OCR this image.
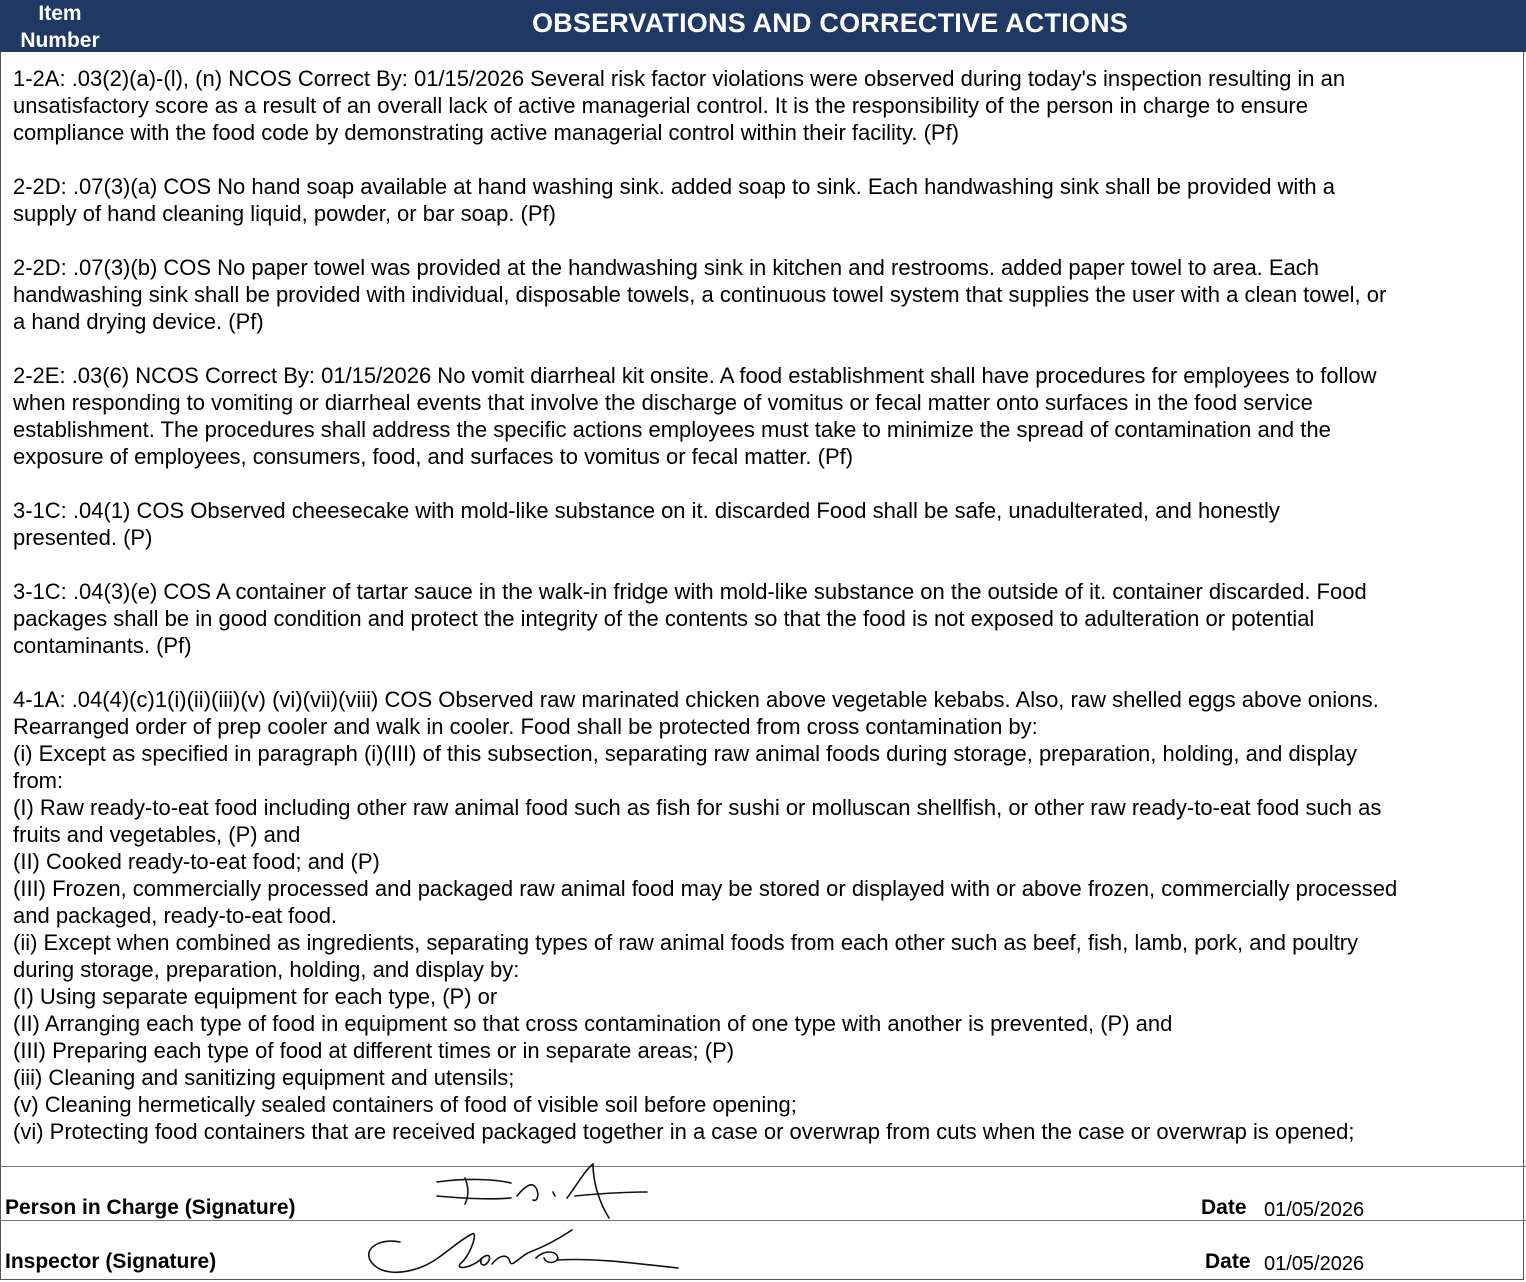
Item
Number
OBSERVATIONS AND CORRECTIVE ACTIONS
1-2A: .03(2)(a)-(l), (n) NCOS Correct By: 01/15/2026 Several risk factor violations were observed during today's inspection resulting in an
unsatisfactory score as a result of an overall lack of active managerial control. It is the responsibility of the person in charge to ensure
compliance with the food code by demonstrating active managerial control within their facility. (Pf)
2-2D: .07(3)(a) COS No hand soap available at hand washing sink. added soap to sink. Each handwashing sink shall be provided with a
supply of hand cleaning liquid, powder, or bar soap. (Pf)
2-2D: .07(3)(b) COS No paper towel was provided at the handwashing sink in kitchen and restrooms. added paper towel to area. Each
handwashing sink shall be provided with individual, disposable towels, a continuous towel system that supplies the user with a clean towel, or
a hand drying device. (Pf)
2-2E: .03(6) NCOS Correct By: 01/15/2026 No vomit diarrheal kit onsite. A food establishment shall have procedures for employees to follow
when responding to vomiting or diarrheal events that involve the discharge of vomitus or fecal matter onto surfaces in the food service
establishment. The procedures shall address the specific actions employees must take to minimize the spread of contamination and the
exposure of employees, consumers, food, and surfaces to vomitus or fecal matter. (Pf)
3-1C: .04(1) COS Observed cheesecake with mold-like substance on it. discarded Food shall be safe, unadulterated, and honestly
presented. (P)
3-1C: .04(3)(e) COS A container of tartar sauce in the walk-in fridge with mold-like substance on the outside of it. container discarded. Food
packages shall be in good condition and protect the integrity of the contents so that the food is not exposed to adulteration or potential
contaminants. (Pf)
4-1A: .04(4)(c)1(i)(ii)(iii)(v) (vi)(vii)(viii) COS Observed raw marinated chicken above vegetable kebabs. Also, raw shelled eggs above onions.
Rearranged order of prep cooler and walk in cooler. Food shall be protected from cross contamination by:
(i) Except as specified in paragraph (i)(III) of this subsection, separating raw animal foods during storage, preparation, holding, and display
from:
(I) Raw ready-to-eat food including other raw animal food such as fish for sushi or molluscan shellfish, or other raw ready-to-eat food such as
fruits and vegetables, (P) and
(II) Cooked ready-to-eat food; and (P)
(III) Frozen, commercially processed and packaged raw animal food may be stored or displayed with or above frozen, commercially processed
and packaged, ready-to-eat food.
(ii) Except when combined as ingredients, separating types of raw animal foods from each other such as beef, fish, lamb, pork, and poultry
during storage, preparation, holding, and display by:
(I) Using separate equipment for each type, (P) or
(II) Arranging each type of food in equipment so that cross contamination of one type with another is prevented, (P) and
(III) Preparing each type of food at different times or in separate areas; (P)
(iii) Cleaning and sanitizing equipment and utensils;
(v) Cleaning hermetically sealed containers of food of visible soil before opening;
(vi) Protecting food containers that are received packaged together in a case or overwrap from cuts when the case or overwrap is opened;
Person in Charge (Signature)	Date 01/05/2026
Inspector (Signature)	Date 01/05/2026
